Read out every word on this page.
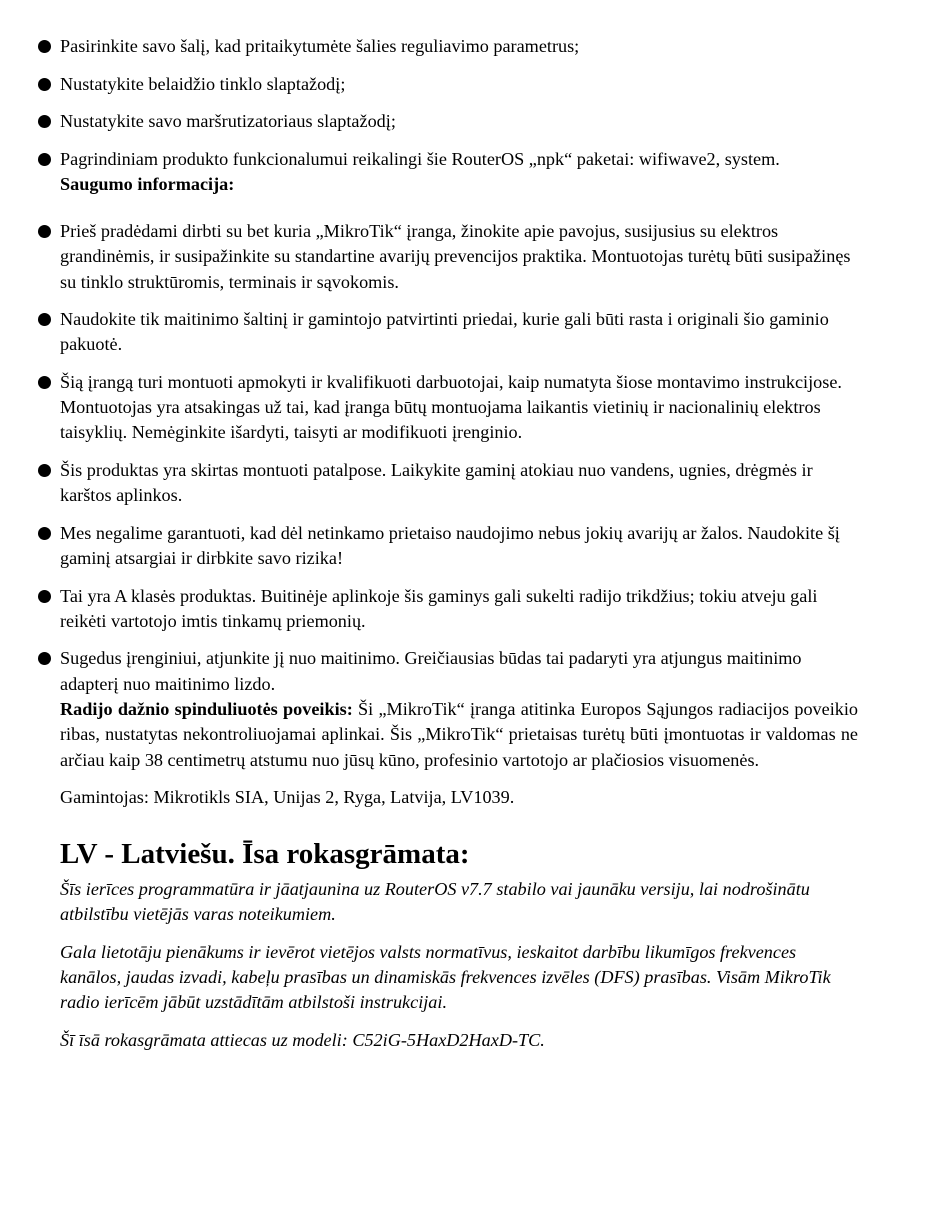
Pasirinkite savo šalį, kad pritaikytumėte šalies reguliavimo parametrus;
Nustatykite belaidžio tinklo slaptažodį;
Nustatykite savo maršrutizatoriaus slaptažodį;
Pagrindiniam produkto funkcionalumui reikalingi šie RouterOS „npk“ paketai: wifiwave2, system.
Saugumo informacija:
Prieš pradėdami dirbti su bet kuria „MikroTik“ įranga, žinokite apie pavojus, susijusius su elektros grandinėmis, ir susipažinkite su standartine avarijų prevencijos praktika. Montuotojas turėtų būti susipažinęs su tinklo struktūromis, terminais ir sąvokomis.
Naudokite tik maitinimo šaltinį ir gamintojo patvirtinti priedai, kurie gali būti rasta i originali šio gaminio pakuotė.
Šią įrangą turi montuoti apmokyti ir kvalifikuoti darbuotojai, kaip numatyta šiose montavimo instrukcijose. Montuotojas yra atsakingas už tai, kad įranga būtų montuojama laikantis vietinių ir nacionalinių elektros taisyklių. Nemėginkite išardyti, taisyti ar modifikuoti įrenginio.
Šis produktas yra skirtas montuoti patalpose. Laikykite gaminį atokiau nuo vandens, ugnies, drėgmės ir karštos aplinkos.
Mes negalime garantuoti, kad dėl netinkamo prietaiso naudojimo nebus jokių avarijų ar žalos. Naudokite šį gaminį atsargiai ir dirbkite savo rizika!
Tai yra A klasės produktas. Buitinėje aplinkoje šis gaminys gali sukelti radijo trikdžius; tokiu atveju gali reikėti vartotojo imtis tinkamų priemonių.
Sugedus įrenginiui, atjunkite jį nuo maitinimo. Greičiausias būdas tai padaryti yra atjungus maitinimo adapterį nuo maitinimo lizdo.

Radijo dažnio spinduliuotės poveikis: Ši „MikroTik“ įranga atitinka Europos Sąjungos radiacijos poveikio ribas, nustatytas nekontroliuojamai aplinkai. Šis „MikroTik“ prietaisas turėtų būti įmontuotas ir valdomas ne arčiau kaip 38 centimetrų atstumu nuo jūsų kūno, profesinio vartotojo ar plačiosios visuomenės.

Gamintojas: Mikrotikls SIA, Unijas 2, Ryga, Latvija, LV1039.

LV - Latviešu. Īsa rokasgrāmata:

Šīs ierīces programmatūra ir jāatjaunina uz RouterOS v7.7 stabilo vai jaunāku versiju, lai nodrošinātu atbilstību vietējās varas noteikumiem.

Gala lietotāju pienākums ir ievērot vietējos valsts normatīvus, ieskaitot darbību likumīgos frekvences kanālos, jaudas izvadi, kabeļu prasības un dinamiskās frekvences izvēles (DFS) prasības. Visām MikroTik radio ierīcēm jābūt uzstādītām atbilstoši instrukcijai.

Šī īsā rokasgrāmata attiecas uz modeli: C52iG-5HaxD2HaxD-TC.
